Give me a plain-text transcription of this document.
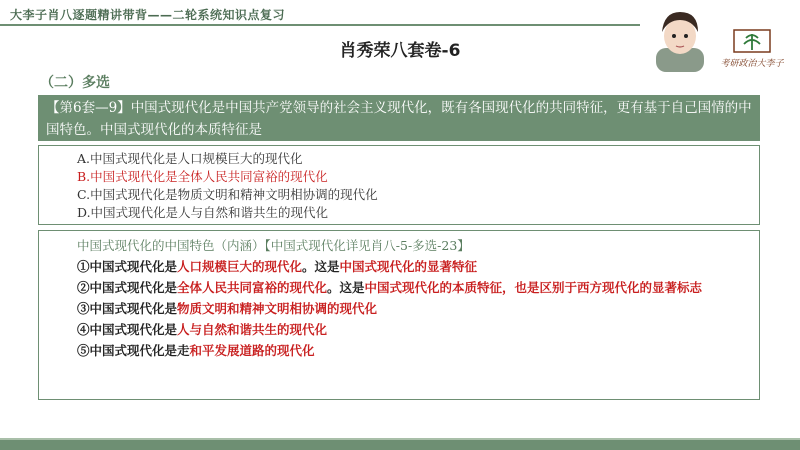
大李子肖八逐题精讲带背——二轮系统知识点复习
肖秀荣八套卷-6
考研政治大李子
（二）多选
【第6套—9】中国式现代化是中国共产党领导的社会主义现代化，既有各国现代化的共同特征，更有基于自己国情的中国特色。中国式现代化的本质特征是
A.中国式现代化是人口规模巨大的现代化
B.中国式现代化是全体人民共同富裕的现代化
C.中国式现代化是物质文明和精神文明相协调的现代化
D.中国式现代化是人与自然和谐共生的现代化
中国式现代化的中国特色（内涵）【中国式现代化详见肖八-5-多选-23】
①中国式现代化是人口规模巨大的现代化。这是中国式现代化的显著特征
②中国式现代化是全体人民共同富裕的现代化。这是中国式现代化的本质特征，也是区别于西方现代化的显著标志
③中国式现代化是物质文明和精神文明相协调的现代化
④中国式现代化是人与自然和谐共生的现代化
⑤中国式现代化是走和平发展道路的现代化
